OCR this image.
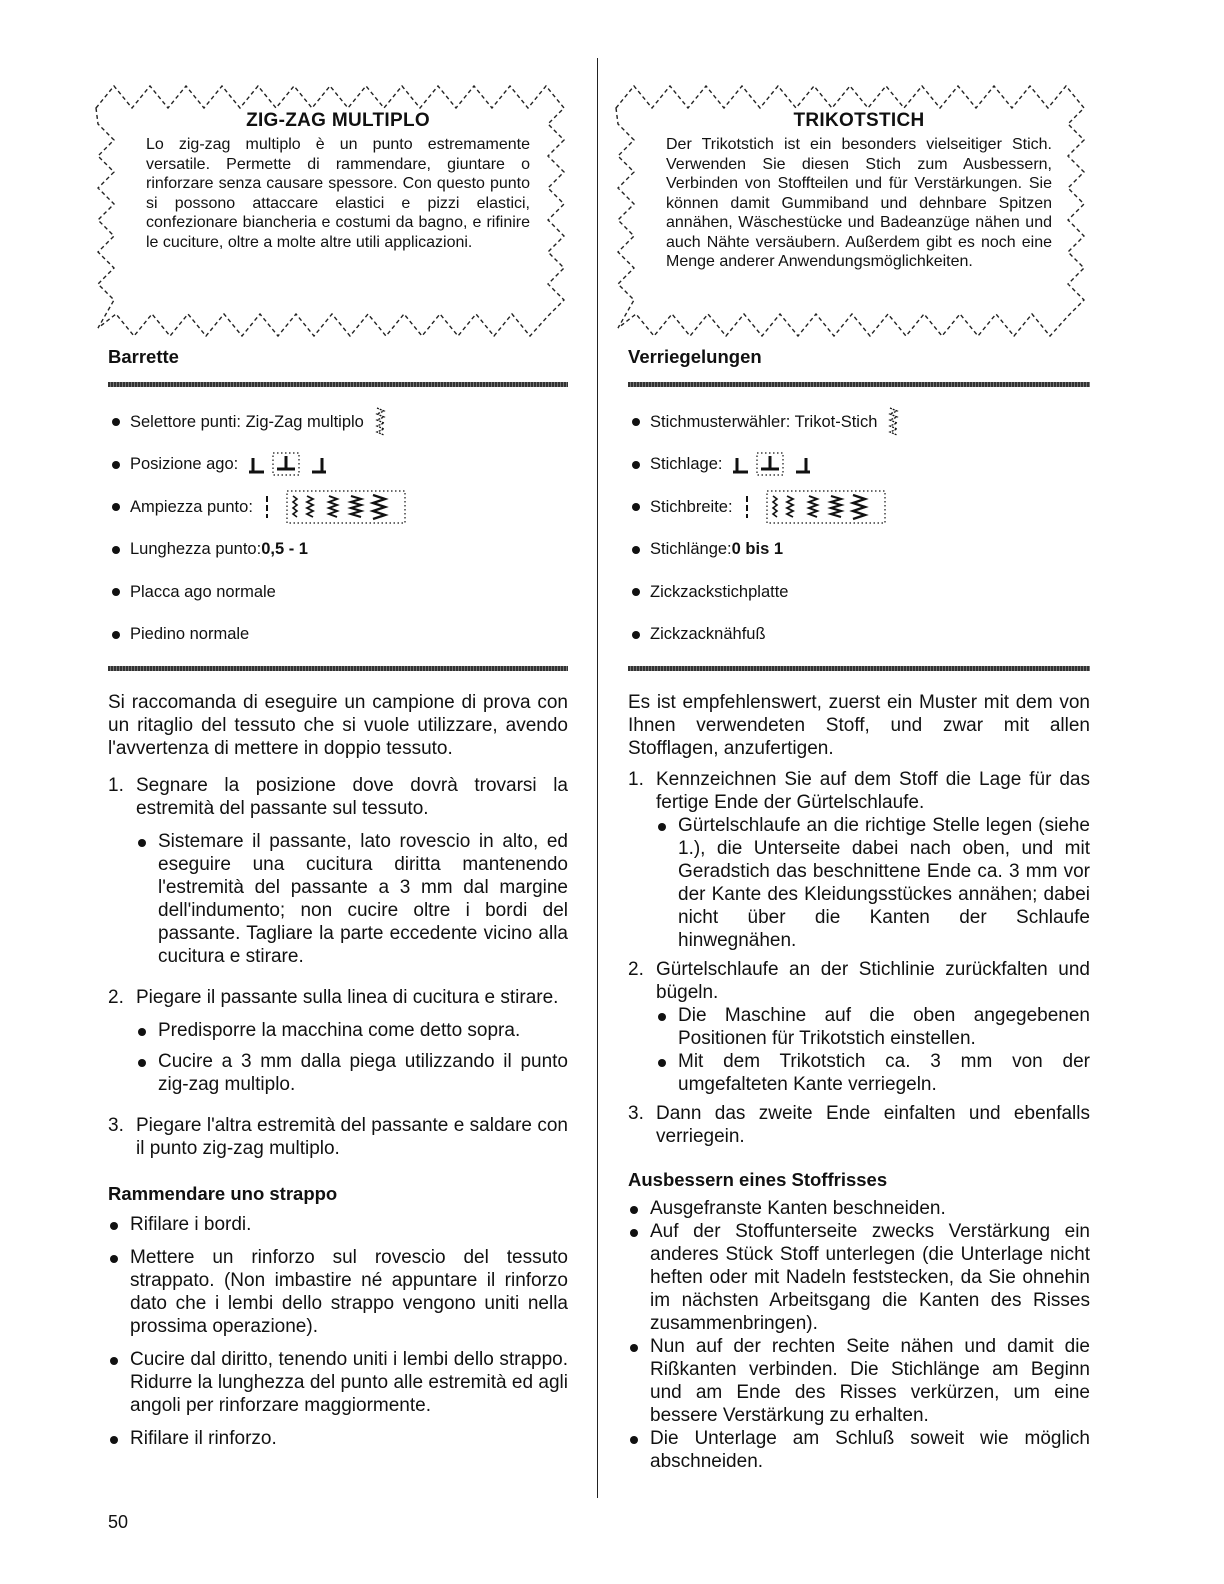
ZIG-ZAG MULTIPLO
Lo zig-zag multiplo è un punto estremamente versatile. Permette di rammendare, giuntare o rinforzare senza causare spessore. Con questo punto si possono attaccare elastici e pizzi elastici, confezionare biancheria e costumi da bagno, e rifinire le cuciture, oltre a molte altre utili applicazioni.
Barrette
Selettore punti: Zig-Zag multiplo
Posizione ago:
Ampiezza punto:
Lunghezza punto: 0,5 - 1
Placca ago normale
Piedino normale

Si raccomanda di eseguire un campione di prova con un ritaglio del tessuto che si vuole utilizzare, avendo l'avvertenza di mettere in doppio tessuto.

1. Segnare la posizione dove dovrà trovarsi la estremità del passante sul tessuto.
Sistemare il passante, lato rovescio in alto, ed eseguire una cucitura diritta mantenendo l'estremità del passante a 3 mm dal margine dell'indumento; non cucire oltre i bordi del passante. Tagliare la parte eccedente vicino alla cucitura e stirare.
2. Piegare il passante sulla linea di cucitura e stirare.
Predisporre la macchina come detto sopra.
Cucire a 3 mm dalla piega utilizzando il punto zig-zag multiplo.
3. Piegare l'altra estremità del passante e saldare con il punto zig-zag multiplo.
Rammendare uno strappo
Rifilare i bordi.
Mettere un rinforzo sul rovescio del tessuto strappato. (Non imbastire né appuntare il rinforzo dato che i lembi dello strappo vengono uniti nella prossima operazione).
Cucire dal diritto, tenendo uniti i lembi dello strappo. Ridurre la lunghezza del punto alle estremità ed agli angoli per rinforzare maggiormente.
Rifilare il rinforzo.
TRIKOTSTICH
Der Trikotstich ist ein besonders vielseitiger Stich. Verwenden Sie diesen Stich zum Ausbessern, Verbinden von Stoffteilen und für Verstärkungen. Sie können damit Gummiband und dehnbare Spitzen annähen, Wäschestücke und Badeanzüge nähen und auch Nähte versäubern. Außerdem gibt es noch eine Menge anderer Anwendungsmöglichkeiten.
Verriegelungen
Stichmusterwähler: Trikot-Stich
Stichlage:
Stichbreite:
Stichlänge: 0 bis 1
Zickzackstichplatte
Zickzacknähfuß

Es ist empfehlenswert, zuerst ein Muster mit dem von Ihnen verwendeten Stoff, und zwar mit allen Stofflagen, anzufertigen.

1. Kennzeichnen Sie auf dem Stoff die Lage für das fertige Ende der Gürtelschlaufe.
Gürtelschlaufe an die richtige Stelle legen (siehe 1.), die Unterseite dabei nach oben, und mit Geradstich das beschnittene Ende ca. 3 mm vor der Kante des Kleidungsstückes annähen; dabei nicht über die Kanten der Schlaufe hinwegnähen.
2. Gürtelschlaufe an der Stichlinie zurückfalten und bügeln.
Die Maschine auf die oben angegebenen Positionen für Trikotstich einstellen.
Mit dem Trikotstich ca. 3 mm von der umgefalteten Kante verriegeln.
3. Dann das zweite Ende einfalten und ebenfalls verriegein.
Ausbessern eines Stoffrisses
Ausgefranste Kanten beschneiden.
Auf der Stoffunterseite zwecks Verstärkung ein anderes Stück Stoff unterlegen (die Unterlage nicht heften oder mit Nadeln feststecken, da Sie ohnehin im nächsten Arbeitsgang die Kanten des Risses zusammenbringen).
Nun auf der rechten Seite nähen und damit die Rißkanten verbinden. Die Stichlänge am Beginn und am Ende des Risses verkürzen, um eine bessere Verstärkung zu erhalten.
Die Unterlage am Schluß soweit wie möglich abschneiden.
50
